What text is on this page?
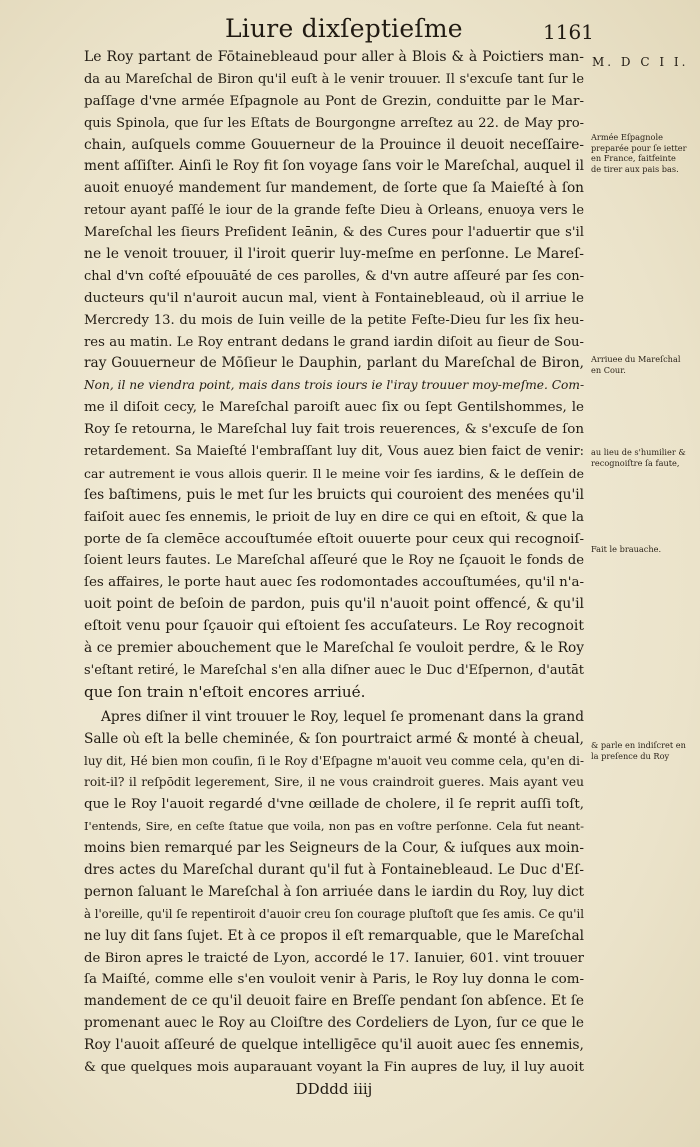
Liure dixſeptieſme	1161
M. D C I I.
Le Roy partant de Fōtainebleaud pour aller à Blois & à Poictiers man-
da au Mareſchal de Biron qu'il euſt à le venir trouuer. Il s'excuſe tant ſur le
paſſage d'vne armée Eſpagnole au Pont de Grezin, conduitte par le Mar-
quis Spinola, que ſur les Eſtats de Bourgongne arreſtez au 22. de May pro-
chain, auſquels comme Gouuerneur de la Prouince il deuoit neceſſaire-
ment aſſiſter. Ainſi le Roy fit ſon voyage ſans voir le Mareſchal, auquel il
auoit enuoyé mandement ſur mandement, de ſorte que ſa Maieſté à ſon
retour ayant paſſé le iour de la grande feſte Dieu à Orleans, enuoya vers le
Mareſchal les ſieurs Preſident Ieānin, & des Cures pour l'aduertir que s'il
ne le venoit trouuer, il l'iroit querir luy-meſme en perſonne. Le Mareſ-
chal d'vn coſté eſpouuāté de ces parolles, & d'vn autre aſſeuré par ſes con-
ducteurs qu'il n'auroit aucun mal, vient à Fontainebleaud, où il arriue le
Mercredy 13. du mois de Iuin veille de la petite Feſte-Dieu ſur les ſix heu-
res au matin. Le Roy entrant dedans le grand iardin diſoit au ſieur de Sou-
ray Gouuerneur de Mōſieur le Dauphin, parlant du Mareſchal de Biron,
Non, il ne viendra point, mais dans trois iours ie l'iray trouuer moy-meſme. Com-
me il diſoit cecy, le Mareſchal paroiſt auec ſix ou ſept Gentilshommes, le
Roy ſe retourna, le Mareſchal luy fait trois reuerences, & s'excuſe de ſon
retardement. Sa Maieſté l'embraſſant luy dit, Vous auez bien faict de venir:
car autrement ie vous allois querir. Il le meine voir ſes iardins, & le deſſein de
ſes baſtimens, puis le met ſur les bruicts qui couroient des menées qu'il
faiſoit auec ſes ennemis, le prioit de luy en dire ce qui en eſtoit, & que la
porte de ſa clemēce accouſtumée eſtoit ouuerte pour ceux qui recognoiſ-
ſoient leurs fautes. Le Mareſchal aſſeuré que le Roy ne ſçauoit le fonds de
ſes affaires, le porte haut auec ſes rodomontades accouſtumées, qu'il n'a-
uoit point de beſoin de pardon, puis qu'il n'auoit point offencé, & qu'il
eſtoit venu pour ſçauoir qui eſtoient ſes accuſateurs. Le Roy recognoit
à ce premier abouchement que le Mareſchal ſe vouloit perdre, & le Roy
s'eſtant retiré, le Mareſchal s'en alla diſner auec le Duc d'Eſpernon, d'autāt
que ſon train n'eſtoit encores arriué.
Apres diſner il vint trouuer le Roy, lequel ſe promenant dans la grand
Salle où eſt la belle cheminée, & ſon pourtraict armé & monté à cheual,
luy dit, Hé bien mon couſin, ſi le Roy d'Eſpagne m'auoit veu comme cela, qu'en di-
roit-il? il reſpōdit legerement, Sire, il ne vous craindroit gueres. Mais ayant veu
que le Roy l'auoit regardé d'vne œillade de cholere, il ſe reprit auſſi toſt,
I'entends, Sire, en ceſte ſtatue que voila, non pas en voſtre perſonne. Cela fut neant-
moins bien remarqué par les Seigneurs de la Cour, & iuſques aux moin-
dres actes du Mareſchal durant qu'il fut à Fontainebleaud. Le Duc d'Eſ-
pernon ſaluant le Mareſchal à ſon arriuée dans le iardin du Roy, luy dict
à l'oreille, qu'il ſe repentiroit d'auoir creu ſon courage pluſtoſt que ſes amis. Ce qu'il
ne luy dit ſans ſujet. Et à ce propos il eſt remarquable, que le Mareſchal
de Biron apres le traicté de Lyon, accordé le 17. Ianuier, 601. vint trouuer
ſa Maiſté, comme elle s'en vouloit venir à Paris, le Roy luy donna le com-
mandement de ce qu'il deuoit faire en Breſſe pendant ſon abſence. Et ſe
promenant auec le Roy au Cloiſtre des Cordeliers de Lyon, ſur ce que le
Roy l'auoit aſſeuré de quelque intelligēce qu'il auoit auec ſes ennemis,
& que quelques mois auparauant voyant la Fin aupres de luy, il luy auoit
DDddd iiij
Armée Eſpagnole preparée pour ſe ietter en France, faitfeinte de tirer aux pais bas.
Arriuee du Mareſchal en Cour.
au lieu de s'humilier & recognoiſtre ſa faute,
Fait le brauache.
& parle en indiſcret en la preſence du Roy
